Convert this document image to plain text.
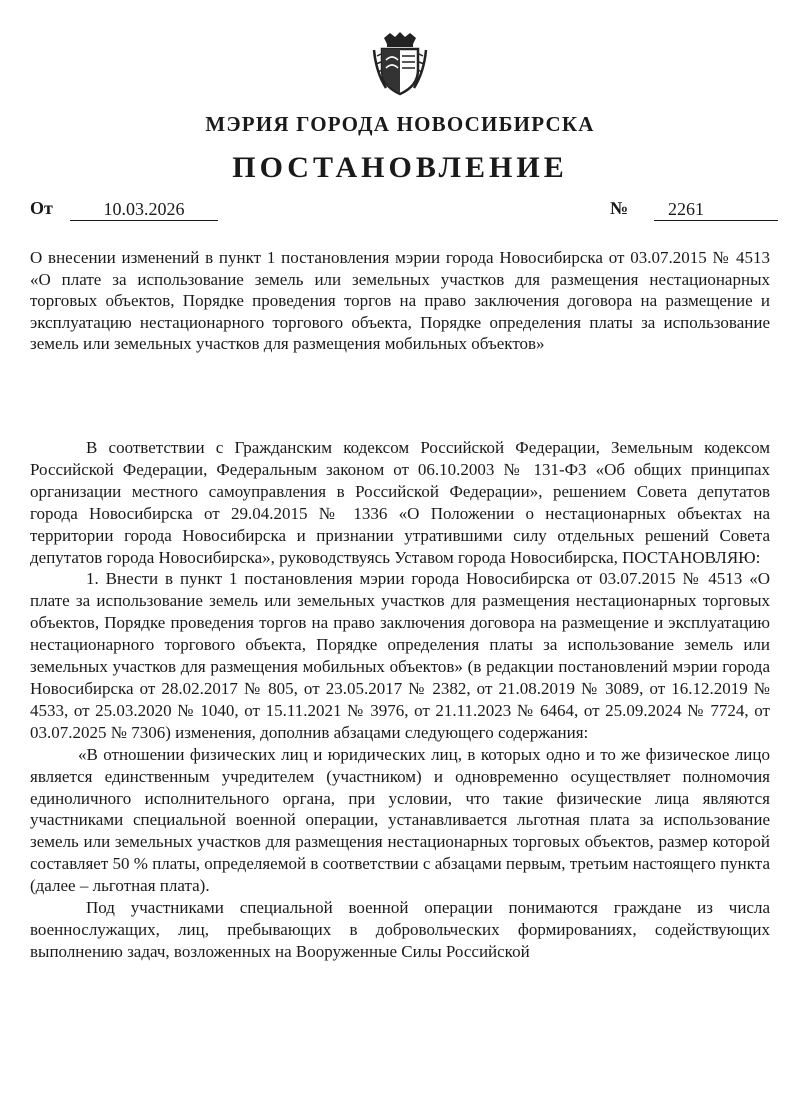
МЭРИЯ ГОРОДА НОВОСИБИРСКА
ПОСТАНОВЛЕНИЕ
От	10.03.2026	№	2261
О внесении изменений в пункт 1 постановления мэрии города Новосибирска от 03.07.2015 № 4513 «О плате за использование земель или земельных участков для размещения нестационарных торговых объектов, Порядке проведения торгов на право заключения договора на размещение и эксплуатацию нестационарного торгового объекта, Порядке определения платы за использование земель или земельных участков для размещения мобильных объектов»

В соответствии с Гражданским кодексом Российской Федерации, Земельным кодексом Российской Федерации, Федеральным законом от 06.10.2003 № 131-ФЗ «Об общих принципах организации местного самоуправления в Российской Федерации», решением Совета депутатов города Новосибирска от 29.04.2015 № 1336 «О Положении о нестационарных объектах на территории города Новосибирска и признании утратившими силу отдельных решений Совета депутатов города Новосибирска», руководствуясь Уставом города Новосибирска, ПОСТАНОВЛЯЮ:

1. Внести в пункт 1 постановления мэрии города Новосибирска от 03.07.2015 № 4513 «О плате за использование земель или земельных участков для размещения нестационарных торговых объектов, Порядке проведения торгов на право заключения договора на размещение и эксплуатацию нестационарного торгового объекта, Порядке определения платы за использование земель или земельных участков для размещения мобильных объектов» (в редакции постановлений мэрии города Новосибирска от 28.02.2017 № 805, от 23.05.2017 № 2382, от 21.08.2019 № 3089, от 16.12.2019 № 4533, от 25.03.2020 № 1040, от 15.11.2021 № 3976, от 21.11.2023 № 6464, от 25.09.2024 № 7724, от 03.07.2025 № 7306) изменения, дополнив абзацами следующего содержания:

«В отношении физических лиц и юридических лиц, в которых одно и то же физическое лицо является единственным учредителем (участником) и одновременно осуществляет полномочия единоличного исполнительного органа, при условии, что такие физические лица являются участниками специальной военной операции, устанавливается льготная плата за использование земель или земельных участков для размещения нестационарных торговых объектов, размер которой составляет 50 % платы, определяемой в соответствии с абзацами первым, третьим настоящего пункта (далее – льготная плата).

Под участниками специальной военной операции понимаются граждане из числа военнослужащих, лиц, пребывающих в добровольческих формированиях, содействующих выполнению задач, возложенных на Вооруженные Силы Российской
